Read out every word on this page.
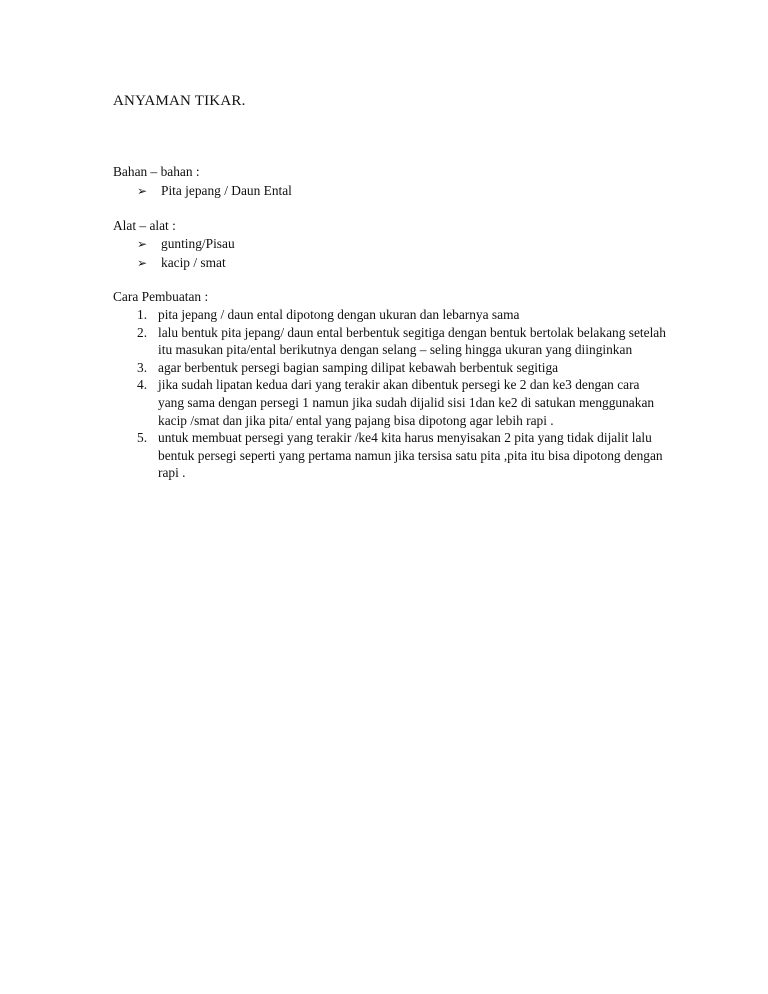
ANYAMAN TIKAR.

Bahan – bahan :

➢	Pita jepang / Daun Ental

Alat – alat :

➢	gunting/Pisau
➢	kacip / smat

Cara Pembuatan :

1. pita jepang / daun ental dipotong dengan ukuran dan lebarnya sama
2. lalu bentuk pita jepang/ daun ental berbentuk segitiga dengan bentuk bertolak belakang setelah itu masukan pita/ental berikutnya dengan selang – seling hingga ukuran yang diinginkan
3. agar berbentuk persegi bagian samping dilipat kebawah berbentuk segitiga
4. jika sudah lipatan kedua dari yang terakir akan dibentuk persegi ke 2 dan ke3 dengan cara yang sama dengan persegi 1 namun jika sudah dijalid sisi 1dan ke2 di satukan menggunakan kacip /smat dan jika pita/ ental yang pajang bisa dipotong agar lebih rapi .
5. untuk membuat persegi yang terakir /ke4 kita harus menyisakan 2 pita yang tidak dijalit lalu bentuk persegi seperti yang pertama namun jika tersisa satu pita ,pita itu bisa dipotong dengan rapi .
